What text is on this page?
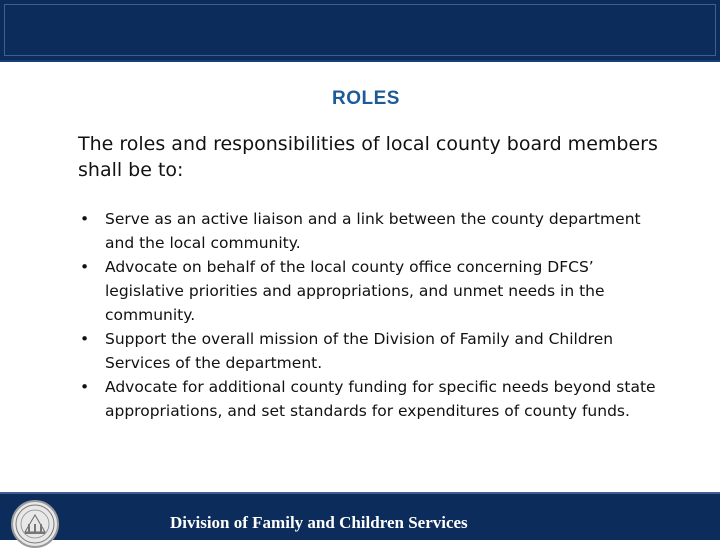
ROLES

The roles and responsibilities of local county board members shall be to:

• Serve as an active liaison and a link between the county department and the local community.
• Advocate on behalf of the local county office concerning DFCS’ legislative priorities and appropriations, and unmet needs in the community.
• Support the overall mission of the Division of Family and Children Services of the department.
• Advocate for additional county funding for specific needs beyond state appropriations, and set standards for expenditures of county funds.
Division of Family and Children Services
